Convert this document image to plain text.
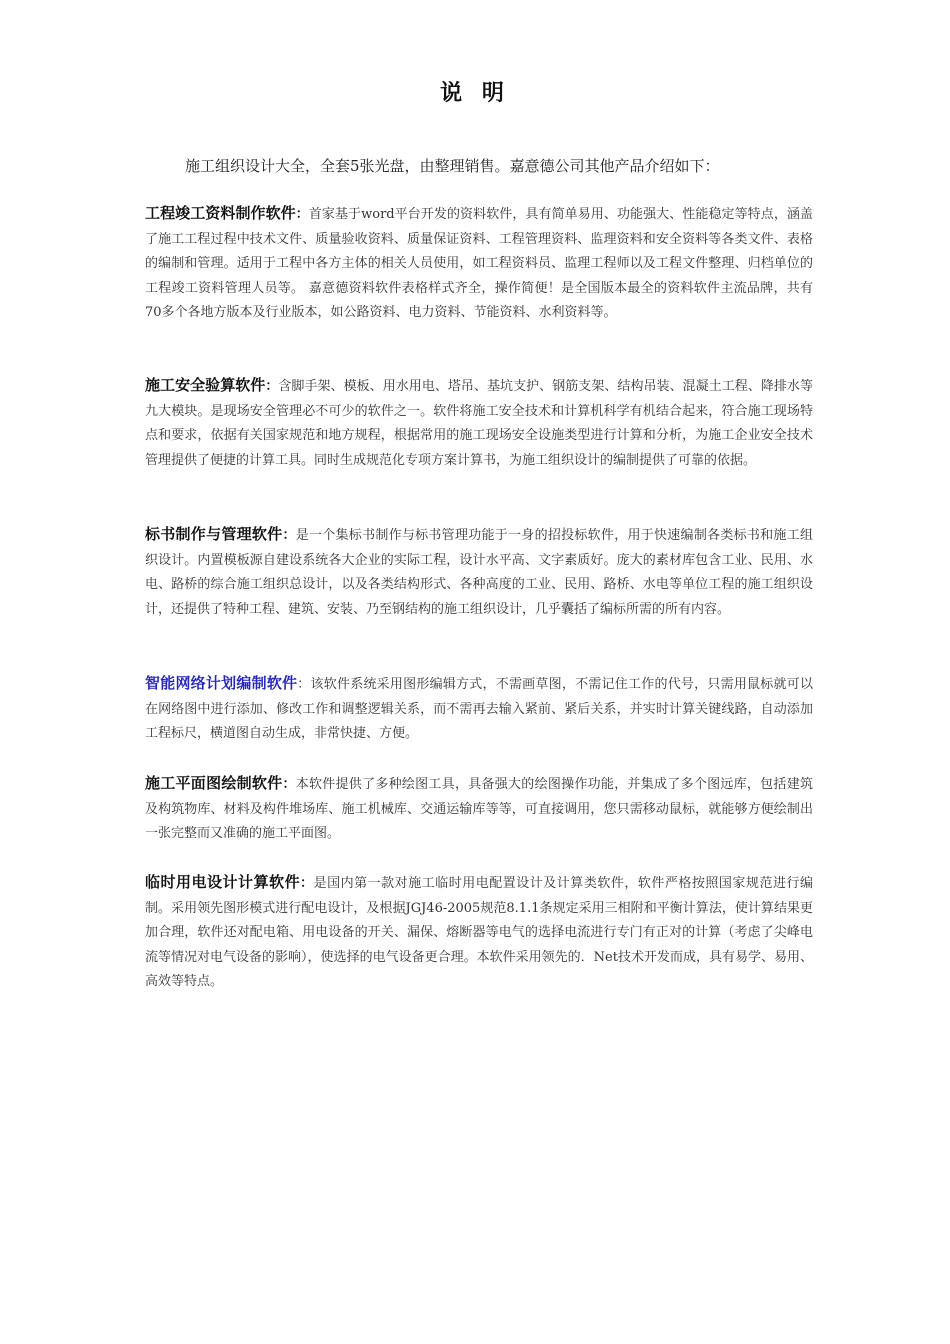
说 明
施工组织设计大全，全套5张光盘，由整理销售。嘉意德公司其他产品介绍如下：
工程竣工资料制作软件：首家基于word平台开发的资料软件，具有简单易用、功能强大、性能稳定等特点，涵盖了施工工程过程中技术文件、质量验收资料、质量保证资料、工程管理资料、监理资料和安全资料等各类文件、表格的编制和管理。适用于工程中各方主体的相关人员使用，如工程资料员、监理工程师以及工程文件整理、归档单位的工程竣工资料管理人员等。 嘉意德资料软件表格样式齐全，操作简便！是全国版本最全的资料软件主流品牌，共有70多个各地方版本及行业版本，如公路资料、电力资料、节能资料、水利资料等。
施工安全验算软件：含脚手架、模板、用水用电、塔吊、基坑支护、钢筋支架、结构吊装、混凝土工程、降排水等九大模块。是现场安全管理必不可少的软件之一。软件将施工安全技术和计算机科学有机结合起来，符合施工现场特点和要求，依据有关国家规范和地方规程，根据常用的施工现场安全设施类型进行计算和分析，为施工企业安全技术管理提供了便捷的计算工具。同时生成规范化专项方案计算书，为施工组织设计的编制提供了可靠的依据。
标书制作与管理软件：是一个集标书制作与标书管理功能于一身的招投标软件，用于快速编制各类标书和施工组织设计。内置模板源自建设系统各大企业的实际工程，设计水平高、文字素质好。庞大的素材库包含工业、民用、水电、路桥的综合施工组织总设计，以及各类结构形式、各种高度的工业、民用、路桥、水电等单位工程的施工组织设计，还提供了特种工程、建筑、安装、乃至钢结构的施工组织设计，几乎囊括了编标所需的所有内容。
智能网络计划编制软件：该软件系统采用图形编辑方式，不需画草图，不需记住工作的代号，只需用鼠标就可以在网络图中进行添加、修改工作和调整逻辑关系，而不需再去输入紧前、紧后关系，并实时计算关键线路，自动添加工程标尺，横道图自动生成，非常快捷、方便。
施工平面图绘制软件：本软件提供了多种绘图工具，具备强大的绘图操作功能，并集成了多个图远库，包括建筑及构筑物库、材料及构件堆场库、施工机械库、交通运输库等等，可直接调用，您只需移动鼠标，就能够方便绘制出一张完整而又准确的施工平面图。
临时用电设计计算软件：是国内第一款对施工临时用电配置设计及计算类软件，软件严格按照国家规范进行编制。采用领先图形模式进行配电设计，及根据JGJ46-2005规范8.1.1条规定采用三相附和平衡计算法，使计算结果更加合理，软件还对配电箱、用电设备的开关、漏保、熔断器等电气的选择电流进行专门有正对的计算（考虑了尖峰电流等情况对电气设备的影响），使选择的电气设备更合理。本软件采用领先的．Net技术开发而成，具有易学、易用、高效等特点。
